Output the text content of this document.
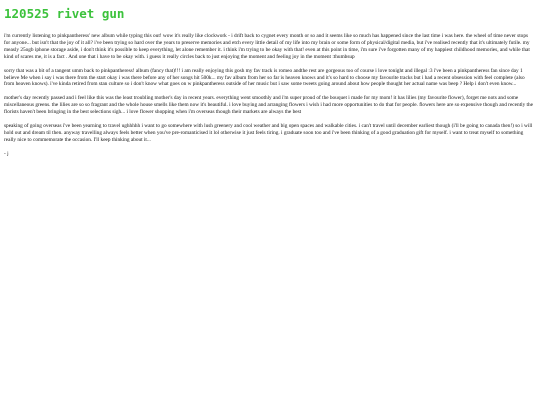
120525 rivet gun

i'm currently listening to pinkpantheress' new album while typing this out! wow it's really like clockwork - i drift back to cygnet every month or so and it seems like so much has happened since the last time i was here. the wheel of time never stops for anyone... but isn't that the joy of it all? i've been trying so hard over the years to preserve memories and etch every little detail of my life into my brain or some form of physical/digital media, but i've realised recently that it's ultimately futile. my measly 25ogb iphone storage aside, i don't think it's possible to keep everything, let alone remember it. i think i'm trying to be okay with that! even at this point in time, i'm sure i've forgotten many of my happiest childhood memories, and while that kind of scares me, it is a fact . And one that i have to be okay with. i guess it really circles back to just enjoying the moment and feeling joy in the moment :thumbsup

sorry that was a bit of a tangent umm back to pinkpantheress! album (fancy that)!!! i am really enjoying this gosh my fav track is romeo andthe rest are gorgeous too of course i love tonight and illegal :3 i've been a pinkpantheress fan since day 1 believe Me when i say i was there from the start okay i was there before any of her songs hit 500k... my fav album from her so far is heaven knows and it's so hard to choose my favourite tracks but i had a recent obsession with feel complete (also from heaven knows). i've kinda retired from stan culture so i don't know what goes on w pinkpantheress outside of her music but i saw some tweets going around about how people thought her actual name was beep ? Help i don't even know...

mother's day recently passed and i feel like this was the least troubling mother's day in recent years. everything went smoothly and i'm super proud of the bouquet i made for my mom! it has lilies (my favourite flower), forget me nots and some miscellaneous greens. the lilies are so so fragrant and the whole house smells like them now it's beautiful. i love buying and arranging flowers i wish i had more opportunities to do that for people. flowers here are so expensive though and recently the florists haven't been bringing in the best selections sigh... i love flower shopping when i'm overseas though their markets are always the best

speaking of going overseas i've been yearning to travel ughhhhh i want to go somewhere with lush greenery and cool weather and big open spaces and walkable cities. i can't travel until december earliest though (i'll be going to canada then!) so i will hold out and dream til then. anyway travelling always feels better when you've pre-romanticised it lol otherwise it just feels tiring. i graduate soon too and i've been thinking of a good graduation gift for myself. i want to treat myself to something really nice to commemorate the occasion. I'll keep thinking about it...

- j
